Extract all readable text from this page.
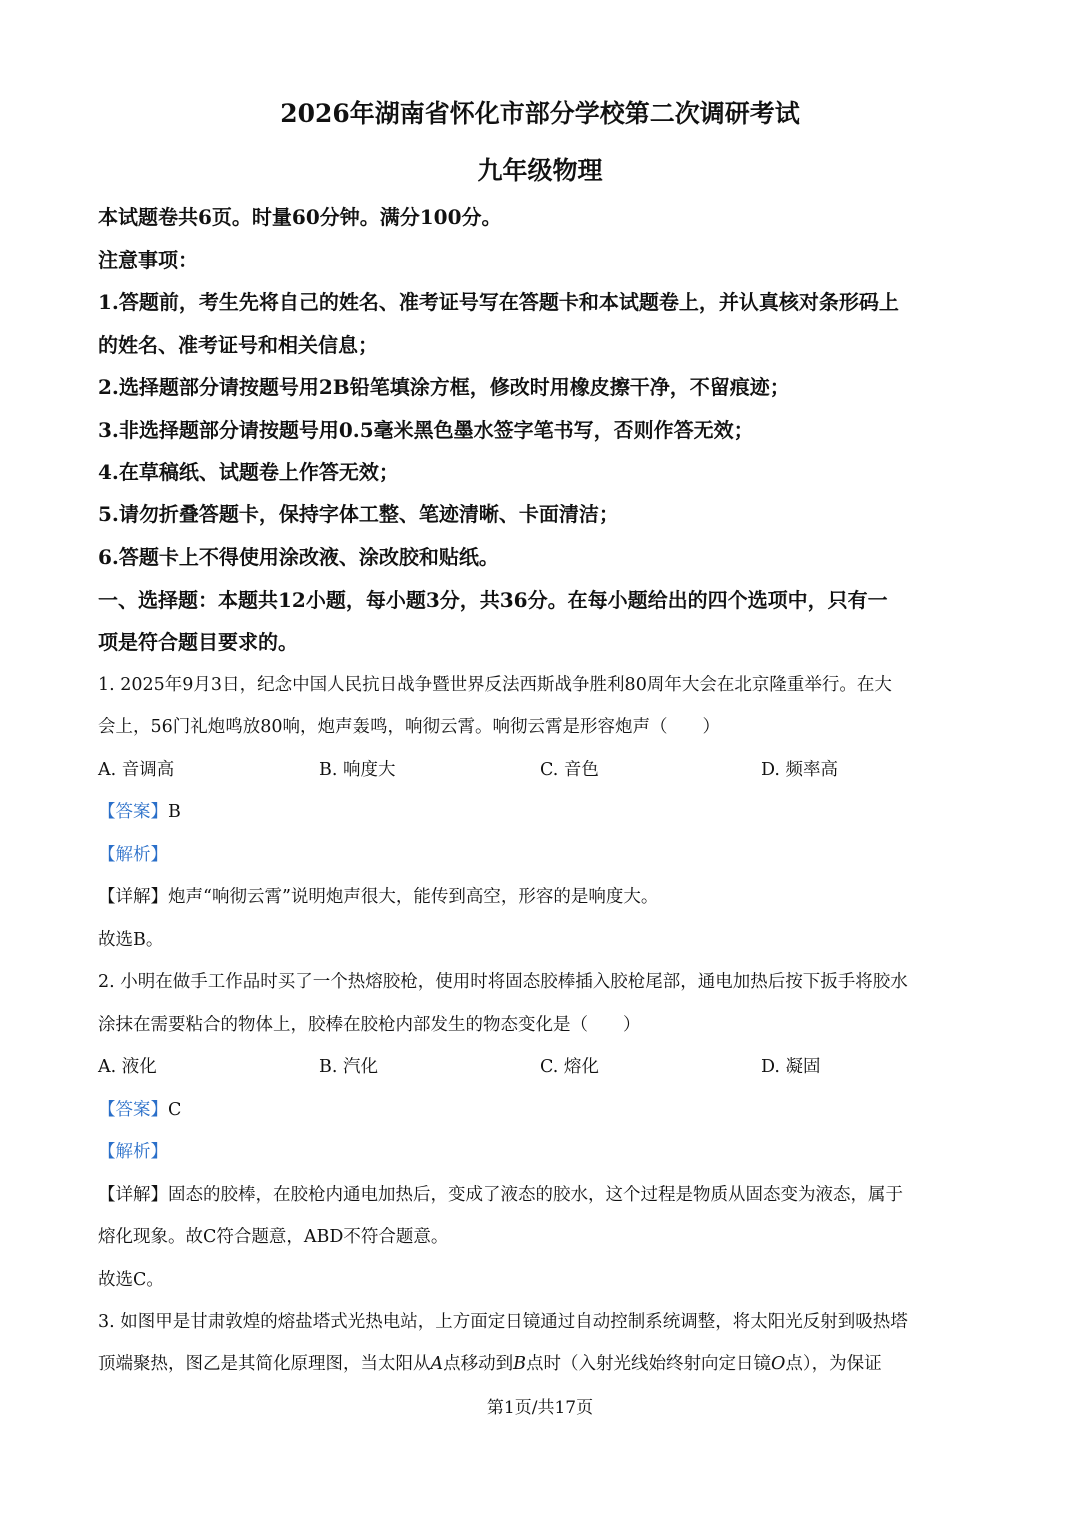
2026年湖南省怀化市部分学校第二次调研考试
九年级物理
本试题卷共6页。时量60分钟。满分100分。
注意事项：
1.答题前，考生先将自己的姓名、准考证号写在答题卡和本试题卷上，并认真核对条形码上
的姓名、准考证号和相关信息；
2.选择题部分请按题号用2B铅笔填涂方框，修改时用橡皮擦干净，不留痕迹；
3.非选择题部分请按题号用0.5毫米黑色墨水签字笔书写，否则作答无效；
4.在草稿纸、试题卷上作答无效；
5.请勿折叠答题卡，保持字体工整、笔迹清晰、卡面清洁；
6.答题卡上不得使用涂改液、涂改胶和贴纸。
一、选择题：本题共12小题，每小题3分，共36分。在每小题给出的四个选项中，只有一
项是符合题目要求的。
1. 2025年9月3日，纪念中国人民抗日战争暨世界反法西斯战争胜利80周年大会在北京隆重举行。在大
会上，56门礼炮鸣放80响，炮声轰鸣，响彻云霄。响彻云霄是形容炮声（　　）
A. 音调高	B. 响度大	C. 音色	D. 频率高
【答案】B
【解析】
【详解】炮声“响彻云霄”说明炮声很大，能传到高空，形容的是响度大。
故选B。
2. 小明在做手工作品时买了一个热熔胶枪，使用时将固态胶棒插入胶枪尾部，通电加热后按下扳手将胶水
涂抹在需要粘合的物体上，胶棒在胶枪内部发生的物态变化是（　　）
A. 液化	B. 汽化	C. 熔化	D. 凝固
【答案】C
【解析】
【详解】固态的胶棒，在胶枪内通电加热后，变成了液态的胶水，这个过程是物质从固态变为液态，属于
熔化现象。故C符合题意，ABD不符合题意。
故选C。
3. 如图甲是甘肃敦煌的熔盐塔式光热电站，上方面定日镜通过自动控制系统调整，将太阳光反射到吸热塔
顶端聚热，图乙是其简化原理图，当太阳从A点移动到B点时（入射光线始终射向定日镜O点），为保证
第1页/共17页
